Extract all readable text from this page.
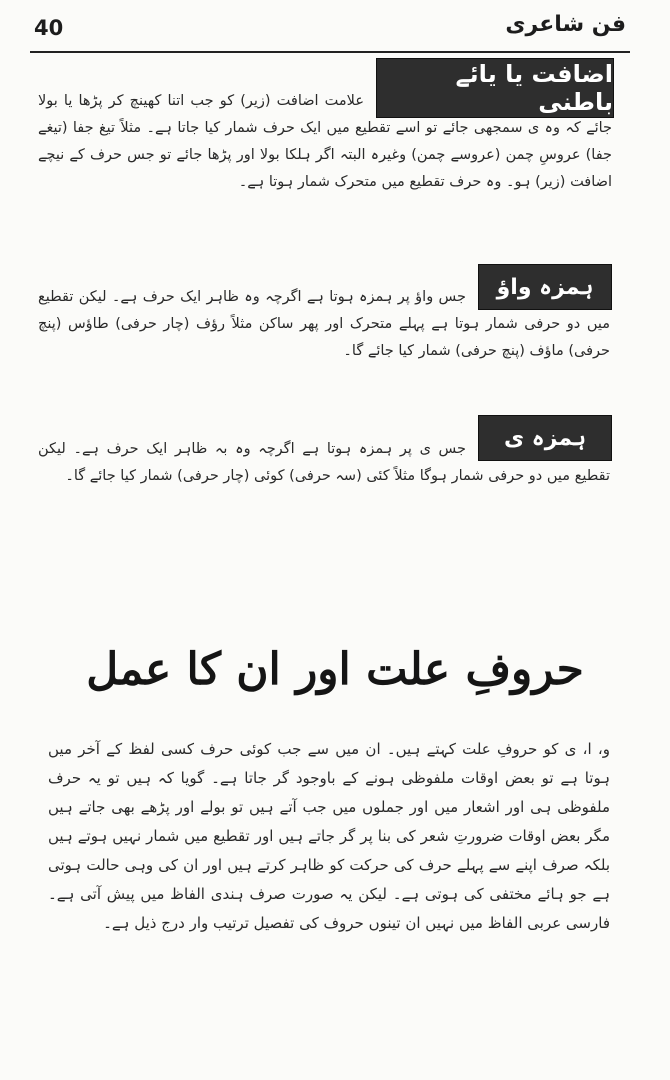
40	فن شاعری
اضافت یا یائے باطنی
علامت اضافت (زیر) کو جب اتنا کھینچ کر پڑھا یا بولا جائے کہ وہ ی سمجھی جائے تو اسے تقطیع میں ایک حرف شمار کیا جاتا ہے۔ مثلاً تیغ جفا (تیغے جفا) عروسِ چمن (عروسے چمن) وغیرہ البتہ اگر ہلکا بولا اور پڑھا جائے تو جس حرف کے نیچے اضافت (زیر) ہو۔ وہ حرف تقطیع میں متحرک شمار ہوتا ہے۔
ہمزہ واؤ
جس واؤ پر ہمزہ ہوتا ہے اگرچہ وہ ظاہر ایک حرف ہے۔ لیکن تقطیع میں دو حرفی شمار ہوتا ہے پہلے متحرک اور پھر ساکن مثلاً رؤف (چار حرفی) طاؤس (پنچ حرفی) ماؤف (پنچ حرفی) شمار کیا جائے گا۔
ہمزہ ی
جس ی پر ہمزہ ہوتا ہے اگرچہ وہ بہ ظاہر ایک حرف ہے۔ لیکن تقطیع میں دو حرفی شمار ہوگا مثلاً کئی (سہ حرفی) کوئی (چار حرفی) شمار کیا جائے گا۔
حروفِ علت اور ان کا عمل
و، ا، ی کو حروفِ علت کہتے ہیں۔ ان میں سے جب کوئی حرف کسی لفظ کے آخر میں ہوتا ہے تو بعض اوقات ملفوظی ہونے کے باوجود گر جاتا ہے۔ گویا کہ ہیں تو یہ حرف ملفوظی ہی اور اشعار میں اور جملوں میں جب آتے ہیں تو بولے اور پڑھے بھی جاتے ہیں مگر بعض اوقات ضرورتِ شعر کی بنا پر گر جاتے ہیں اور تقطیع میں شمار نہیں ہوتے ہیں بلکہ صرف اپنے سے پہلے حرف کی حرکت کو ظاہر کرتے ہیں اور ان کی وہی حالت ہوتی ہے جو ہائے مختفی کی ہوتی ہے۔ لیکن یہ صورت صرف ہندی الفاظ میں پیش آتی ہے۔ فارسی عربی الفاظ میں نہیں ان تینوں حروف کی تفصیل ترتیب وار درج ذیل ہے۔
